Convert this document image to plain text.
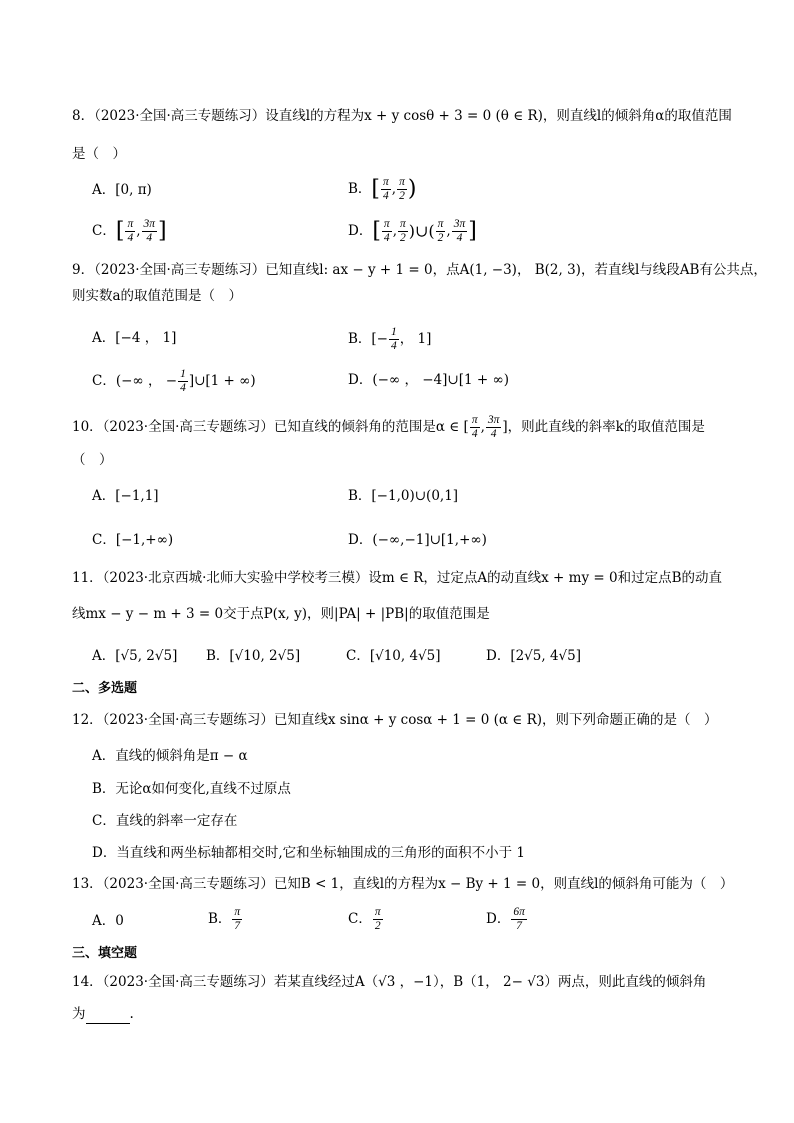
8．（2023·全国·高三专题练习）设直线l的方程为x + y cosθ + 3 = 0 (θ ∈ R)，则直线l的倾斜角α的取值范围
是（　）
A．[0, π)	B．[ $\frac{\pi}{4}$ , $\frac{\pi}{2}$ )
C．[ $\frac{\pi}{4}$ , $\frac{3\pi}{4}$ ]	D．[ $\frac{\pi}{4}$ , $\frac{\pi}{2}$ )∪( $\frac{\pi}{2}$ , $\frac{3\pi}{4}$ ]
9．（2023·全国·高三专题练习）已知直线l: ax − y + 1 = 0，点A(1, −3)， B(2, 3)，若直线l与线段AB有公共点，
则实数a的取值范围是（　）
A．[−4 ， 1]	B．[− $\frac{1}{4}$ ， 1]
C．(−∞ ， − $\frac{1}{4}$ ]∪[1 + ∞)	D．(−∞ ， −4]∪[1 + ∞)
10．（2023·全国·高三专题练习）已知直线的倾斜角的范围是α ∈ [ $\frac{\pi}{4}$ , $\frac{3\pi}{4}$ ]，则此直线的斜率k的取值范围是
（　）
A．[−1,1]	B．[−1,0)∪(0,1]
C．[−1,+∞)	D．(−∞,−1]∪[1,+∞)
11．（2023·北京西城·北师大实验中学校考三模）设m ∈ R，过定点A的动直线x + my = 0和过定点B的动直
线mx − y − m + 3 = 0交于点P(x, y)，则|PA| + |PB|的取值范围是
A．[√5, 2√5] B．[√10, 2√5]	C．[√10, 4√5]	D．[2√5, 4√5]
二、多选题
12．（2023·全国·高三专题练习）已知直线x sinα + y cosα + 1 = 0 (α ∈ R)，则下列命题正确的是（　）
A．直线的倾斜角是π − α
B．无论α如何变化,直线不过原点
C．直线的斜率一定存在
D．当直线和两坐标轴都相交时,它和坐标轴围成的三角形的面积不小于 1
13．（2023·全国·高三专题练习）已知B < 1，直线l的方程为x − By + 1 = 0，则直线l的倾斜角可能为（　）
A．0	B． $\frac{\pi}{7}$	C． $\frac{\pi}{2}$	D． $\frac{6\pi}{7}$
三、填空题
14．（2023·全国·高三专题练习）若某直线经过A（√3 ，−1），B（1， 2− √3）两点，则此直线的倾斜角
为	.
